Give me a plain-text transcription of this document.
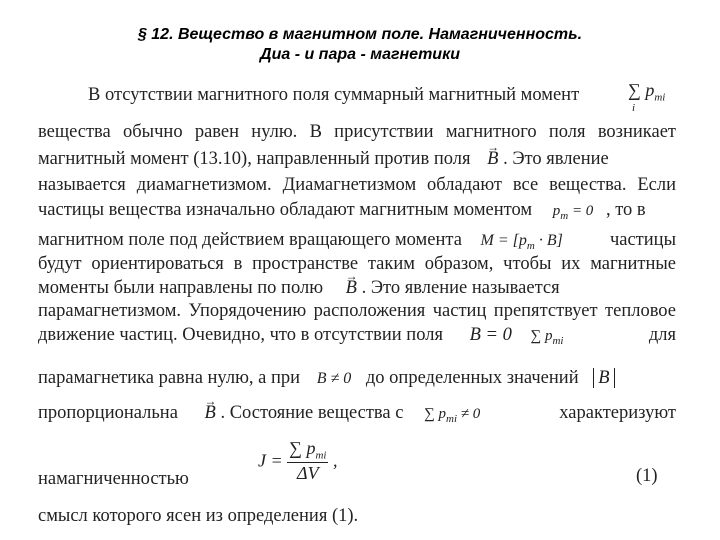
§ 12. Вещество в магнитном поле. Намагниченность.
Диа - и пара - магнетики
В отсутствии магнитного поля суммарный магнитный момент	∑ $p_{mi}$
i
вещества обычно равен нулю. В присутствии магнитного поля возникает
магнитный момент (13.10), направленный против поля → B . Это явление
называется диамагнетизмом. Диамагнетизмом обладают все вещества. Если
частицы вещества изначально обладают магнитным моментом $p_m = 0$ , то в
магнитном поле под действием вращающего момента $M = [p_m \cdot B]$	частицы
будут ориентироваться в пространстве таким образом, чтобы их магнитные
моменты были направлены по полю → B . Это явление называется
парамагнетизмом. Упорядочению расположения частиц препятствует тепловое
движение частиц. Очевидно, что в отсутствии поля B = 0 ∑ $p_{mi}$	для
парамагнетика равна нулю, а при B ≠ 0 до определенных значений B
пропорциональна → B . Состояние вещества с ∑ $p_{mi} \ne 0$	характеризуют
намагниченностью
$J = \frac{\sum p_{mi}}{\Delta V}$ ,
(1)
смысл которого ясен из определения (1).
